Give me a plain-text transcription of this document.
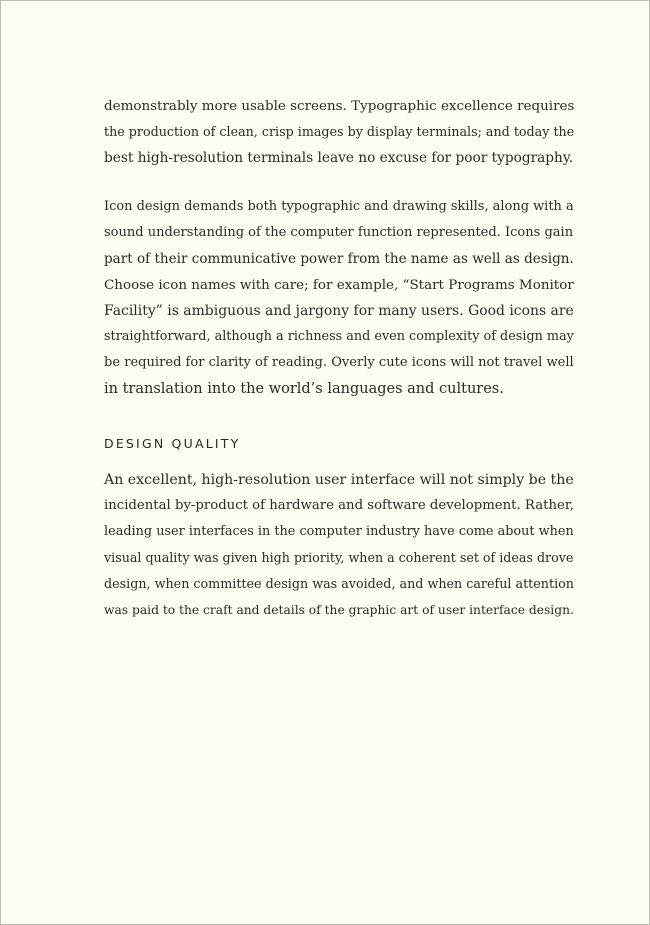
demonstrably more usable screens. Typographic excellence requires
the production of clean, crisp images by display terminals; and today the
best high-resolution terminals leave no excuse for poor typography.
Icon design demands both typographic and drawing skills, along with a
sound understanding of the computer function represented. Icons gain
part of their communicative power from the name as well as design.
Choose icon names with care; for example, “Start Programs Monitor
Facility” is ambiguous and jargony for many users. Good icons are
straightforward, although a richness and even complexity of design may
be required for clarity of reading. Overly cute icons will not travel well
in translation into the world’s languages and cultures.
DESIGN QUALITY
An excellent, high-resolution user interface will not simply be the
incidental by-product of hardware and software development. Rather,
leading user interfaces in the computer industry have come about when
visual quality was given high priority, when a coherent set of ideas drove
design, when committee design was avoided, and when careful attention
was paid to the craft and details of the graphic art of user interface design.
